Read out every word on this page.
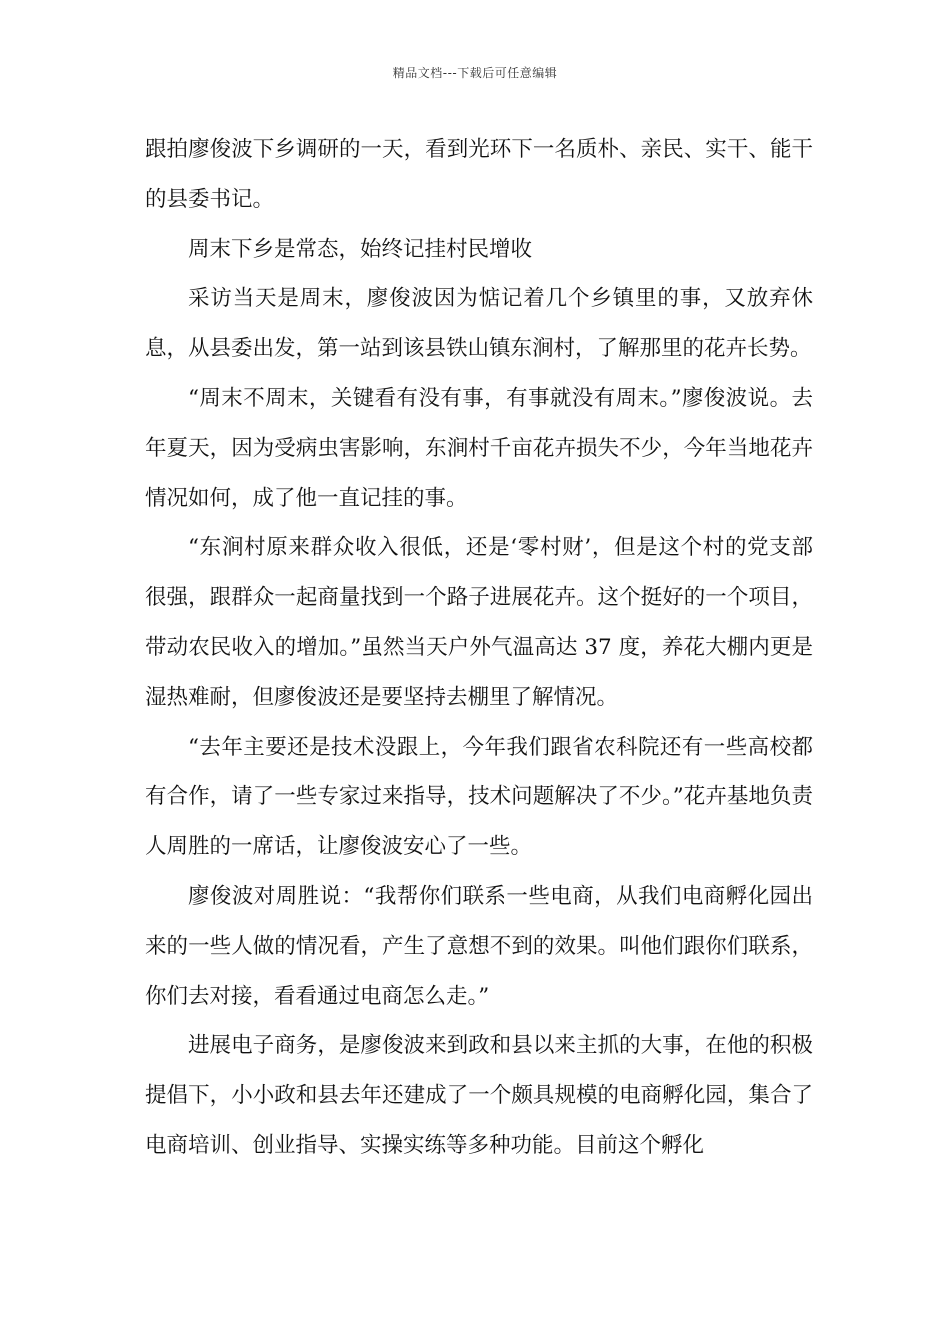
精品文档---下载后可任意编辑

跟拍廖俊波下乡调研的一天，看到光环下一名质朴、亲民、实干、能干的县委书记。

周末下乡是常态，始终记挂村民增收

采访当天是周末，廖俊波因为惦记着几个乡镇里的事，又放弃休息，从县委出发，第一站到该县铁山镇东涧村，了解那里的花卉长势。

“周末不周末，关键看有没有事，有事就没有周末。”廖俊波说。去年夏天，因为受病虫害影响，东涧村千亩花卉损失不少，今年当地花卉情况如何，成了他一直记挂的事。

“东涧村原来群众收入很低，还是‘零村财’，但是这个村的党支部很强，跟群众一起商量找到一个路子进展花卉。这个挺好的一个项目，带动农民收入的增加。”虽然当天户外气温高达 37 度，养花大棚内更是湿热难耐，但廖俊波还是要坚持去棚里了解情况。

“去年主要还是技术没跟上，今年我们跟省农科院还有一些高校都有合作，请了一些专家过来指导，技术问题解决了不少。”花卉基地负责人周胜的一席话，让廖俊波安心了一些。

廖俊波对周胜说：“我帮你们联系一些电商，从我们电商孵化园出来的一些人做的情况看，产生了意想不到的效果。叫他们跟你们联系，你们去对接，看看通过电商怎么走。”

进展电子商务，是廖俊波来到政和县以来主抓的大事，在他的积极提倡下，小小政和县去年还建成了一个颇具规模的电商孵化园，集合了电商培训、创业指导、实操实练等多种功能。目前这个孵化
